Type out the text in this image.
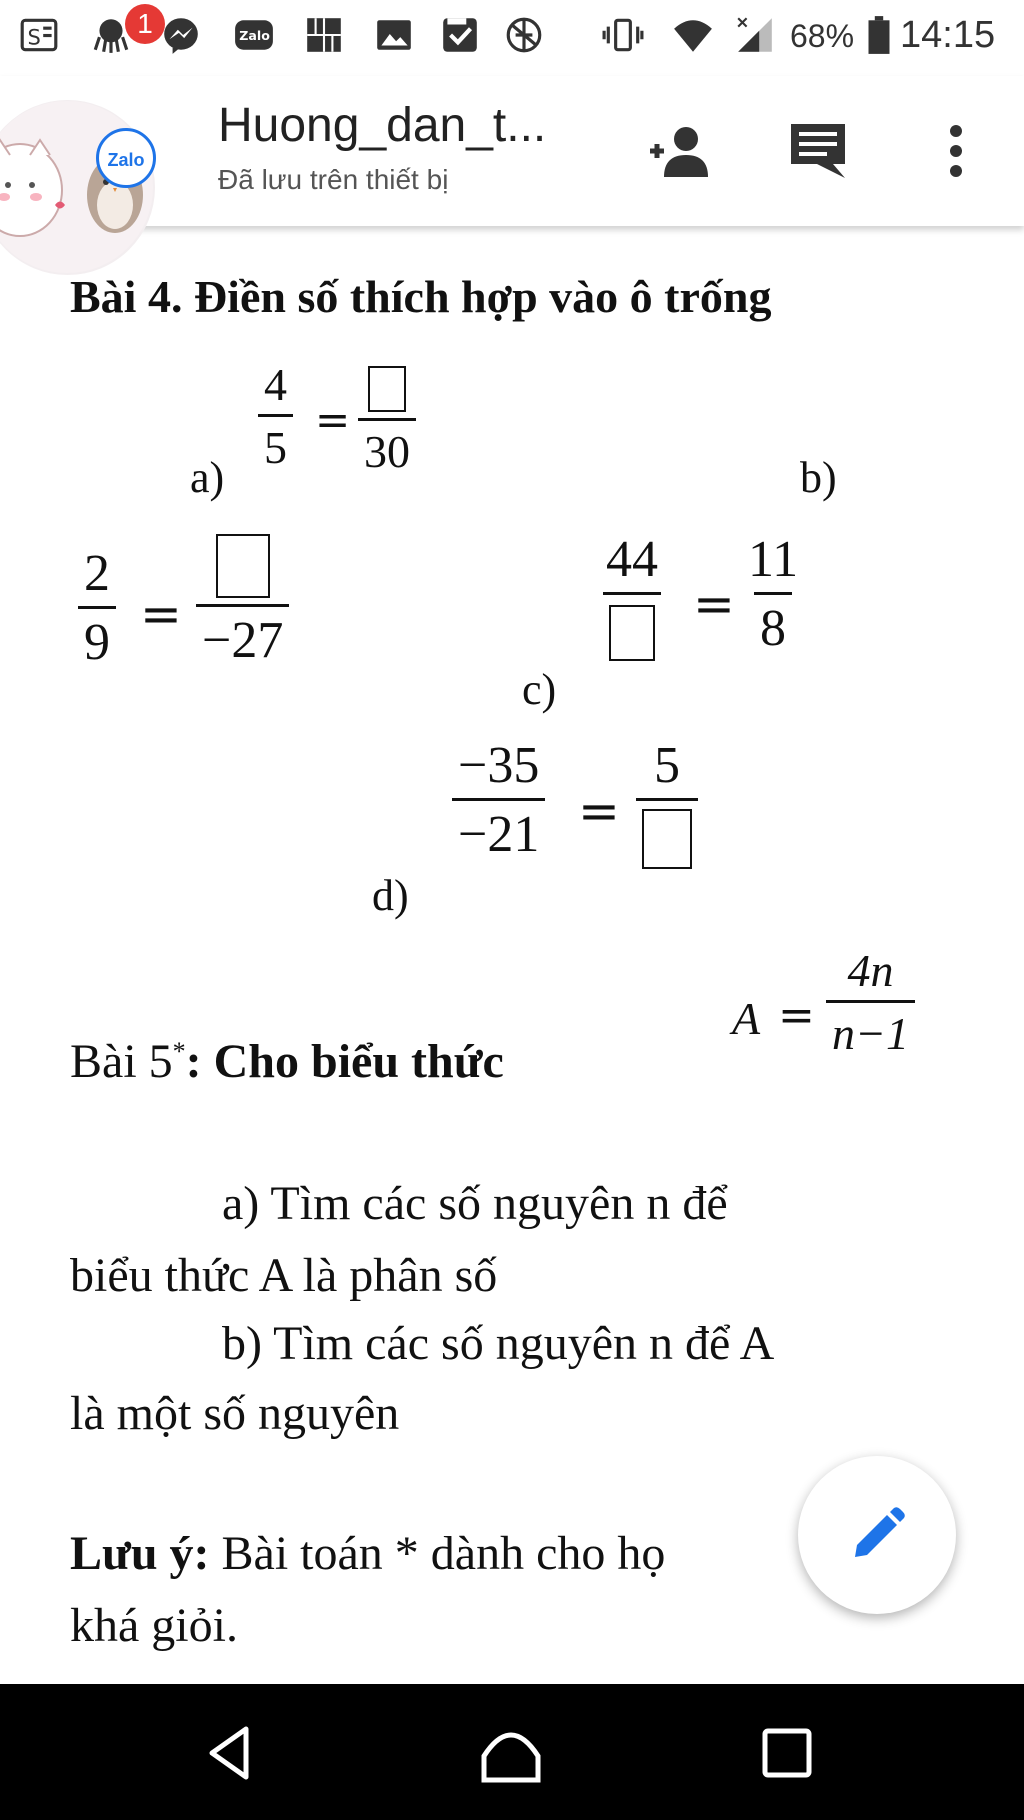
S	Zalo	68% 14:15
Huong_dan_t...
Đã lưu trên thiết bị
1
Zalo
Bài 4. Điền số thích hợp vào ô trống
a)
$\frac{4}{5}$ =
30
b)
$\frac{2}{9} = -27$
c)
44
= $\frac{11}{8}$
d)
$\frac{-35}{-21}$ =
5
Bài 5*: Cho biểu thức
$A = \frac{4n}{n-1}$
a) Tìm các số nguyên n để
biểu thức A là phân số
b) Tìm các số nguyên n để A
là một số nguyên
Lưu ý: Bài toán * dành cho họ
khá giỏi.
